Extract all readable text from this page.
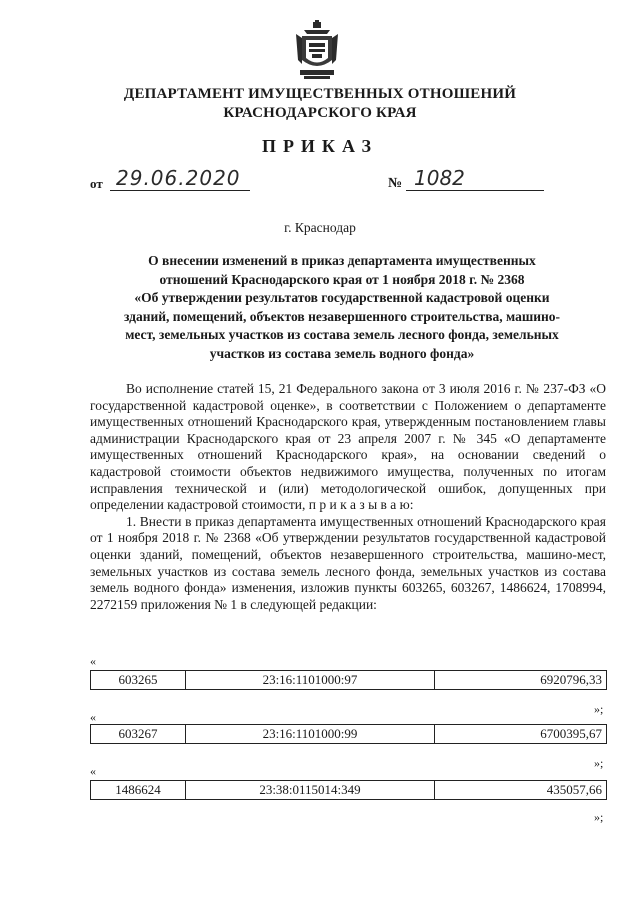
ДЕПАРТАМЕНТ ИМУЩЕСТВЕННЫХ ОТНОШЕНИЙ
КРАСНОДАРСКОГО КРАЯ
ПРИКАЗ
от 29.06.2020	№ 1082
г. Краснодар
О внесении изменений в приказ департамента имущественных
отношений Краснодарского края от 1 ноября 2018 г. № 2368
«Об утверждении результатов государственной кадастровой оценки
зданий, помещений, объектов незавершенного строительства, машино-
мест, земельных участков из состава земель лесного фонда, земельных
участков из состава земель водного фонда»

Во исполнение статей 15, 21 Федерального закона от 3 июля 2016 г. № 237-ФЗ «О государственной кадастровой оценке», в соответствии с Положением о департаменте имущественных отношений Краснодарского края, утвержденным постановлением главы администрации Краснодарского края от 23 апреля 2007 г. № 345 «О департаменте имущественных отношений Краснодарского края», на основании сведений о кадастровой стоимости объектов недвижимого имущества, полученных по итогам исправления технической и (или) методологической ошибок, допущенных при определении кадастровой стоимости, п р и к а з ы в а ю:

1. Внести в приказ департамента имущественных отношений Краснодарского края от 1 ноября 2018 г. № 2368 «Об утверждении результатов государственной кадастровой оценки зданий, помещений, объектов незавершенного строительства, машино-мест, земельных участков из состава земель лесного фонда, земельных участков из состава земель водного фонда» изменения, изложив пункты 603265, 603267, 1486624, 1708994, 2272159 приложения № 1 в следующей редакции:

«
603265	23:16:1101000:97	6920796,33
»;
«
603267	23:16:1101000:99	6700395,67
»;
«
1486624	23:38:0115014:349	435057,66
»;
